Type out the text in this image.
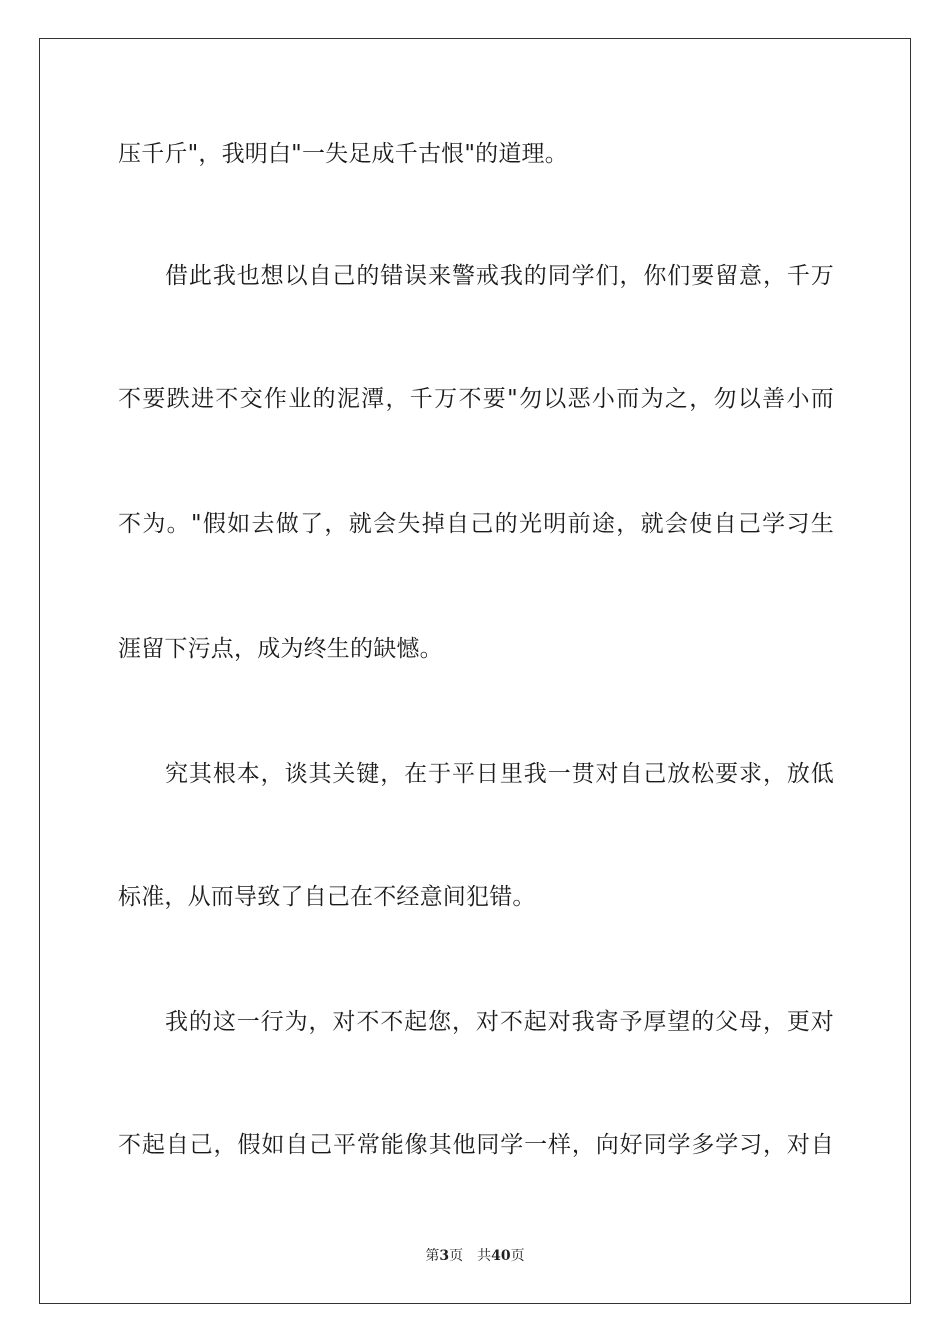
压千斤"，我明白"一失足成千古恨"的道理。
借此我也想以自己的错误来警戒我的同学们，你们要留意，千万
不要跌进不交作业的泥潭，千万不要"勿以恶小而为之，勿以善小而
不为。"假如去做了，就会失掉自己的光明前途，就会使自己学习生
涯留下污点，成为终生的缺憾。
究其根本，谈其关键，在于平日里我一贯对自己放松要求，放低
标准，从而导致了自己在不经意间犯错。
我的这一行为，对不不起您，对不起对我寄予厚望的父母，更对
不起自己，假如自己平常能像其他同学一样，向好同学多学习，对自
第3页 共40页
